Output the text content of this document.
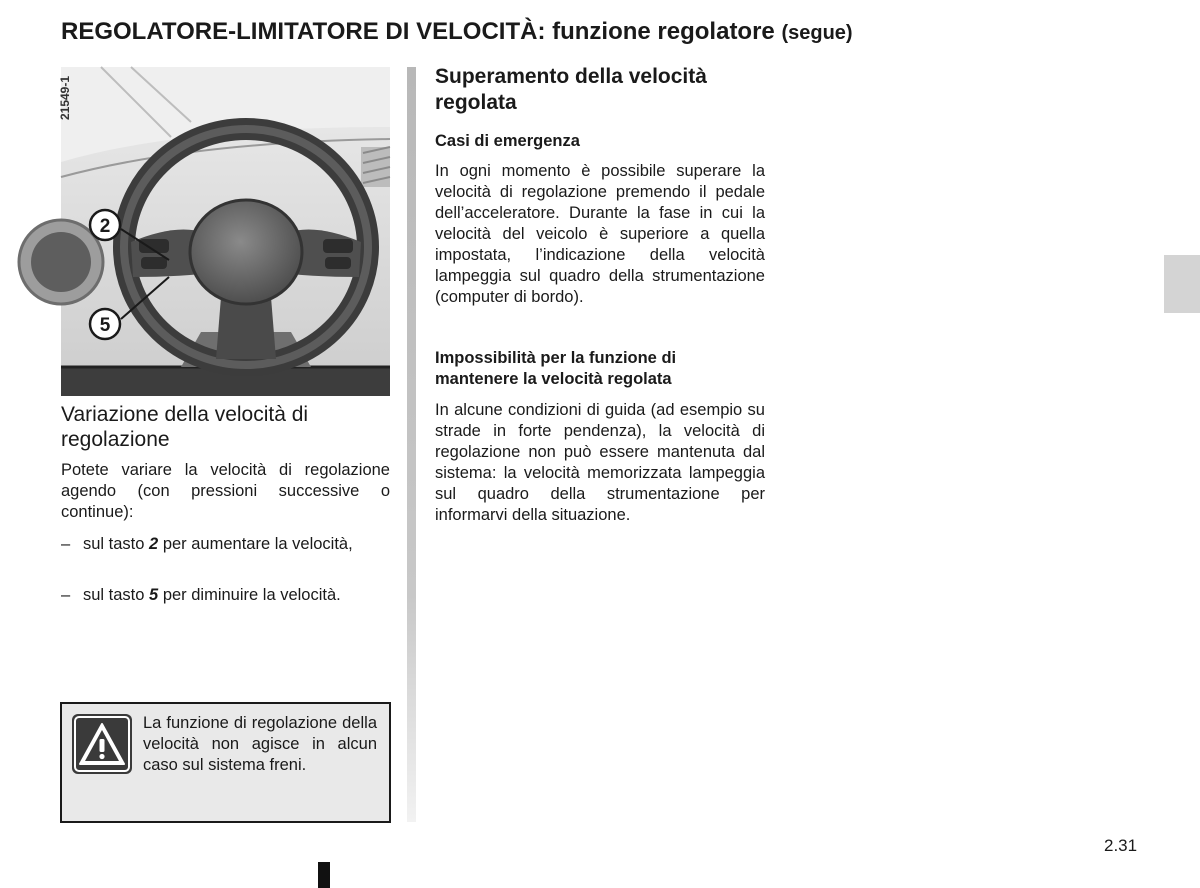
REGOLATORE-LIMITATORE DI VELOCITÀ: funzione regolatore (segue)
2
5
21549-1
Variazione della velocità di regolazione

Potete variare la velocità di regolazione agendo (con pressioni successive o continue):

– sul tasto 2 per aumentare la velocità,
– sul tasto 5 per diminuire la velocità.
Superamento della velocità regolata
Casi di emergenza

In ogni momento è possibile superare la velocità di regolazione premendo il pedale dell’acceleratore. Durante la fase in cui la velocità del veicolo è superiore a quella impostata, l’indicazione della velocità lampeggia sul quadro della strumentazione (computer di bordo).

Impossibilità per la funzione di mantenere la velocità regolata

In alcune condizioni di guida (ad esempio su strade in forte pendenza), la velocità di regolazione non può essere mantenuta dal sistema: la velocità memorizzata lampeggia sul quadro della strumentazione per informarvi della situazione.

La funzione di regolazione della velocità non agisce in alcun caso sul sistema freni.

2.31
